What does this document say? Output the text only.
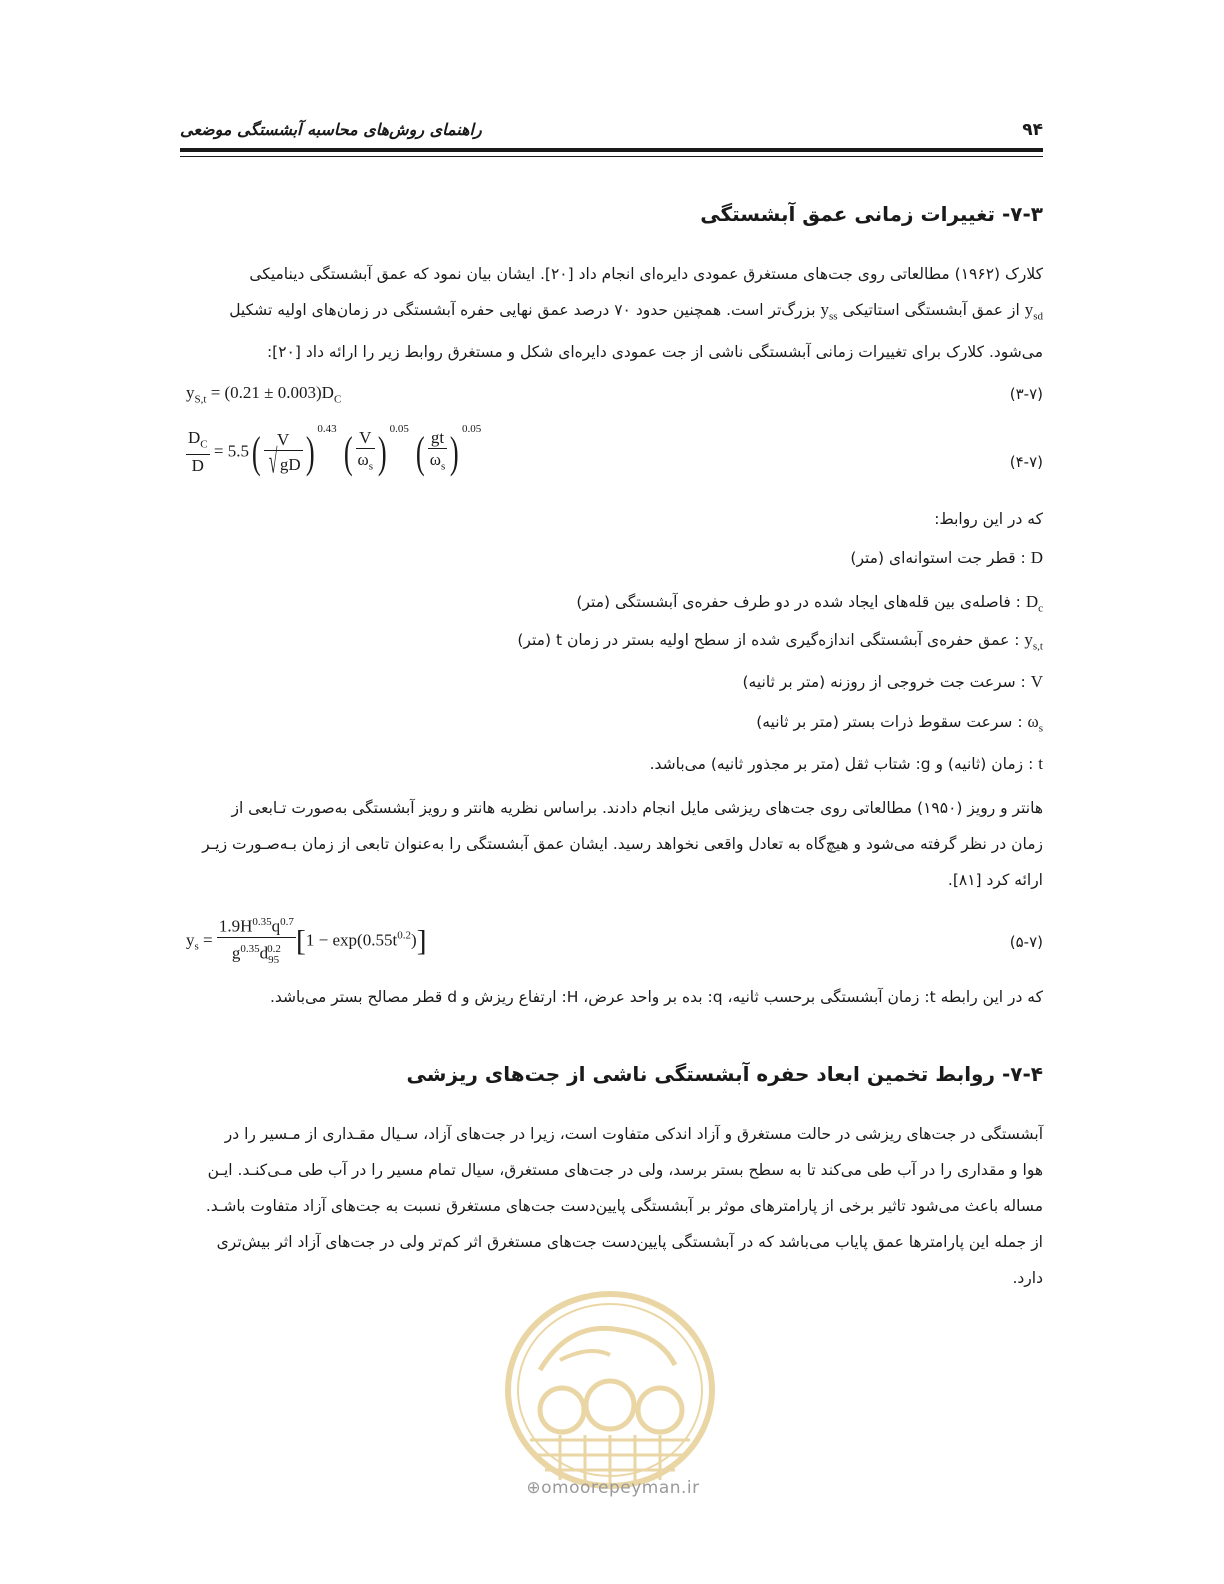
۹۴
راهنمای روش‌های محاسبه آبشستگی موضعی
۷-۳- تغییرات زمانی عمق آبشستگی
کلارک (۱۹۶۲) مطالعاتی روی جت‌های مستغرق عمودی دایره‌ای انجام داد [۲۰]. ایشان بیان نمود که عمق آبشستگی دینامیکی
$y_{sd}$ از عمق آبشستگی استاتیکی $y_{ss}$ بزرگ‌تر است. همچنین حدود ۷۰ درصد عمق نهایی حفره آبشستگی در زمان‌های اولیه تشکیل
می‌شود. کلارک برای تغییرات زمانی آبشستگی ناشی از جت عمودی دایره‌ای شکل و مستغرق روابط زیر را ارائه داد [۲۰]:
$y_{S,t} = (0.21 \pm 0.003)D_C$	(۳-۷)
$\frac{D_C}{D} = 5.5( \frac{V}{√ gD}$ ) $^{0.43}$ ( $\frac{V}{\omega_s}$ ) $^{0.05}$ ( $\frac{gt}{\omega_s}$ ) $^{0.05}$
(۴-۷)
که در این روابط:
D : قطر جت استوانه‌ای (متر)
$D_c$ : فاصله‌ی بین قله‌های ایجاد شده در دو طرف حفره‌ی آبشستگی (متر)
$y_{s,t}$ : عمق حفره‌ی آبشستگی اندازه‌گیری شده از سطح اولیه بستر در زمان t (متر)
V : سرعت جت خروجی از روزنه (متر بر ثانیه)
$\omega_s$ : سرعت سقوط ذرات بستر (متر بر ثانیه)
t : زمان (ثانیه) و g: شتاب ثقل (متر بر مجذور ثانیه) می‌باشد.
هانتر و رویز (۱۹۵۰) مطالعاتی روی جت‌های ریزشی مایل انجام دادند. براساس نظریه هانتر و رویز آبشستگی به‌صورت تـابعی از
زمان در نظر گرفته می‌شود و هیچ‌گاه به تعادل واقعی نخواهد رسید. ایشان عمق آبشستگی را به‌عنوان تابعی از زمان بـه‌صـورت زیـر
ارائه کرد [۸۱].
$y_s = \frac{1.9H^{0.35}q^{0.7}}{g^{0.35}d_{95}^{0.2}} [1 - \exp(0.55t^{0.2})]$	(۵-۷)
که در این رابطه t: زمان آبشستگی برحسب ثانیه، q: بده بر واحد عرض، H: ارتفاع ریزش و d قطر مصالح بستر می‌باشد.
۷-۴- روابط تخمین ابعاد حفره آبشستگی ناشی از جت‌های ریزشی
آبشستگی در جت‌های ریزشی در حالت مستغرق و آزاد اندکی متفاوت است، زیرا در جت‌های آزاد، سـیال مقـداری از مـسیر را در
هوا و مقداری را در آب طی می‌کند تا به سطح بستر برسد، ولی در جت‌های مستغرق، سیال تمام مسیر را در آب طی مـی‌کنـد. ایـن
مساله باعث می‌شود تاثیر برخی از پارامترهای موثر بر آبشستگی پایین‌دست جت‌های مستغرق نسبت به جت‌های آزاد متفاوت باشـد.
از جمله این پارامترها عمق پایاب می‌باشد که در آبشستگی پایین‌دست جت‌های مستغرق اثر کم‌تر ولی در جت‌های آزاد اثر بیش‌تری
دارد.
⊕omoorepeyman.ir
